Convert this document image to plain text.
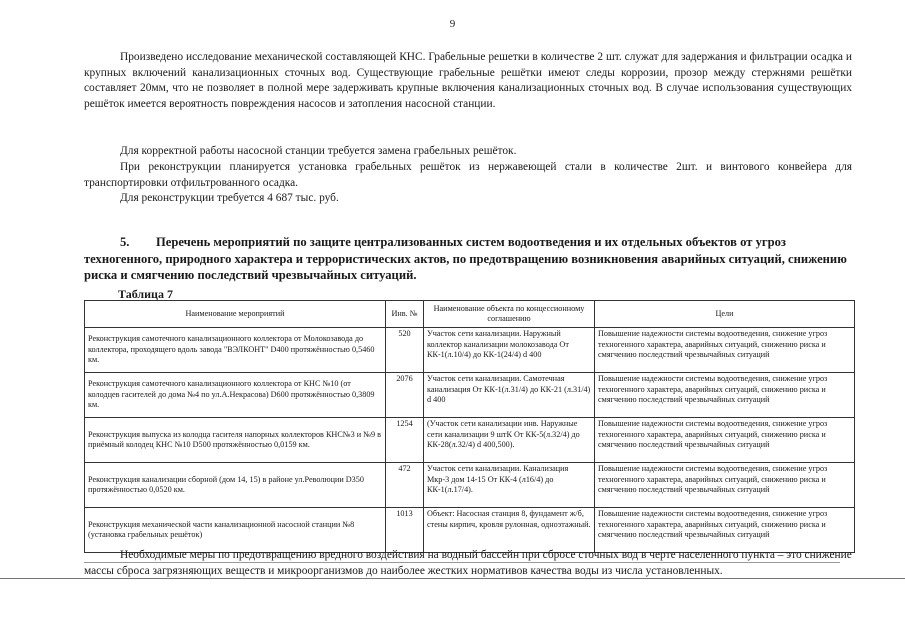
9

Произведено исследование механической составляющей КНС. Грабельные решетки в количестве 2 шт. служат для задержания и фильтрации осадка и крупных включений канализационных сточных вод. Существующие грабельные решётки имеют следы коррозии, прозор между стержнями решётки составляет 20мм, что не позволяет в полной мере задерживать крупные включения канализационных сточных вод. В случае использования существующих решёток имеется вероятность повреждения насосов и затопления насосной станции.

Для корректной работы насосной станции требуется замена грабельных решёток.

При реконструкции планируется установка грабельных решёток из нержавеющей стали в количестве 2шт. и винтового конвейера для транспортировки отфильтрованного осадка.

Для реконструкции требуется 4 687 тыс. руб.

5. Перечень мероприятий по защите централизованных систем водоотведения и их отдельных объектов от угроз техногенного, природного характера и террористических актов, по предотвращению возникновения аварийных ситуаций, снижению риска и смягчению последствий чрезвычайных ситуаций.

Таблица 7

Наименование мероприятий	Инв. №	Наименование объекта по концессионному соглашению	Цели
Реконструкция самотечного канализационного коллектора от Молокозавода до коллектора, проходящего вдоль завода "ВЭЛКОНТ" D400 протяжённостью 0,5460 км.	520	Участок сети канализации. Наружный коллектор канализации молокозавода От КК-1(л.10/4) до КК-1(24/4) d 400	Повышение надежности системы водоотведения, снижение угроз техногенного характера, аварийных ситуаций, снижению риска и смягчению последствий чрезвычайных ситуаций
Реконструкция самотечного канализационного коллектора от КНС №10 (от колодцев гасителей до дома №4 по ул.А.Некрасова) D600 протяжённостью 0,3809 км.	2076	Участок сети канализации. Самотечная канализация От КК-1(л.31/4) до КК-21 (л.31/4) d 400	Повышение надежности системы водоотведения, снижение угроз техногенного характера, аварийных ситуаций, снижению риска и смягчению последствий чрезвычайных ситуаций
Реконструкция выпуска из колодца гасителя напорных коллекторов КНС№3 и №9 в приёмный колодец КНС №10 D500 протяжённостью 0,0159 км.	1254	(Участок сети канализации инв. Наружные сети канализации 9 штК От КК-5(л.32/4) до КК-28(л.32/4) d 400,500).	Повышение надежности системы водоотведения, снижение угроз техногенного характера, аварийных ситуаций, снижению риска и смягчению последствий чрезвычайных ситуаций
Реконструкция канализации сборной (дом 14, 15) в районе ул.Революции D350 протяжённостью 0,0520 км.	472	Участок сети канализации. Канализация Мкр-3 дом 14-15 От КК-4 (л16/4) до КК-1(л.17/4).	Повышение надежности системы водоотведения, снижение угроз техногенного характера, аварийных ситуаций, снижению риска и смягчению последствий чрезвычайных ситуаций
Реконструкция механической части канализационной насосной станции №8 (установка грабельных решёток)	1013	Объект: Насосная станция 8, фундамент ж/б, стены кирпич, кровля рулонная, одноэтажный.	Повышение надежности системы водоотведения, снижение угроз техногенного характера, аварийных ситуаций, снижению риска и смягчению последствий чрезвычайных ситуаций

Необходимые меры по предотвращению вредного воздействия на водный бассейн при сбросе сточных вод в черте населенного пункта – это снижение массы сброса загрязняющих веществ и микроорганизмов до наиболее жестких нормативов качества воды из числа установленных.
